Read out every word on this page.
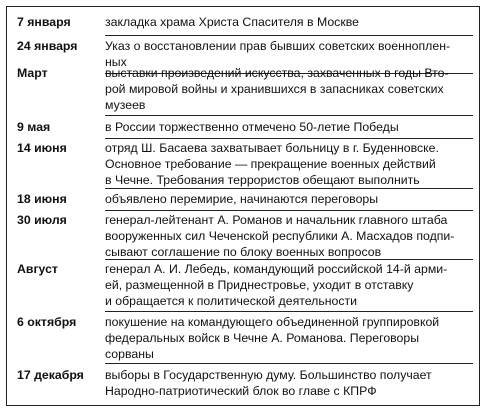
7 января	закладка храма Христа Спасителя в Москве
24 января Указ о восстановлении прав бывших советских военноплен-
ных
Март	выставки произведений искусства, захваченных в годы Вто-
рой мировой войны и хранившихся в запасниках советских
музеев
9 мая	в России торжественно отмечено 50-летие Победы
14 июня	отряд Ш. Басаева захватывает больницу в г. Буденновске.
Основное требование — прекращение военных действий
в Чечне. Требования террористов обещают выполнить
18 июня	объявлено перемирие, начинаются переговоры
30 июля	генерал-лейтенант А. Романов и начальник главного штаба
вооруженных сил Чеченской республики А. Масхадов подпи-
сывают соглашение по блоку военных вопросов
Август	генерал А. И. Лебедь, командующий российской 14-й арми-
ей, размещенной в Приднестровье, уходит в отставку
и обращается к политической деятельности
6 октября покушение на командующего объединенной группировкой
федеральных войск в Чечне А. Романова. Переговоры
сорваны
17 декабря выборы в Государственную думу. Большинство получает
Народно-патриотический блок во главе с КПРФ
